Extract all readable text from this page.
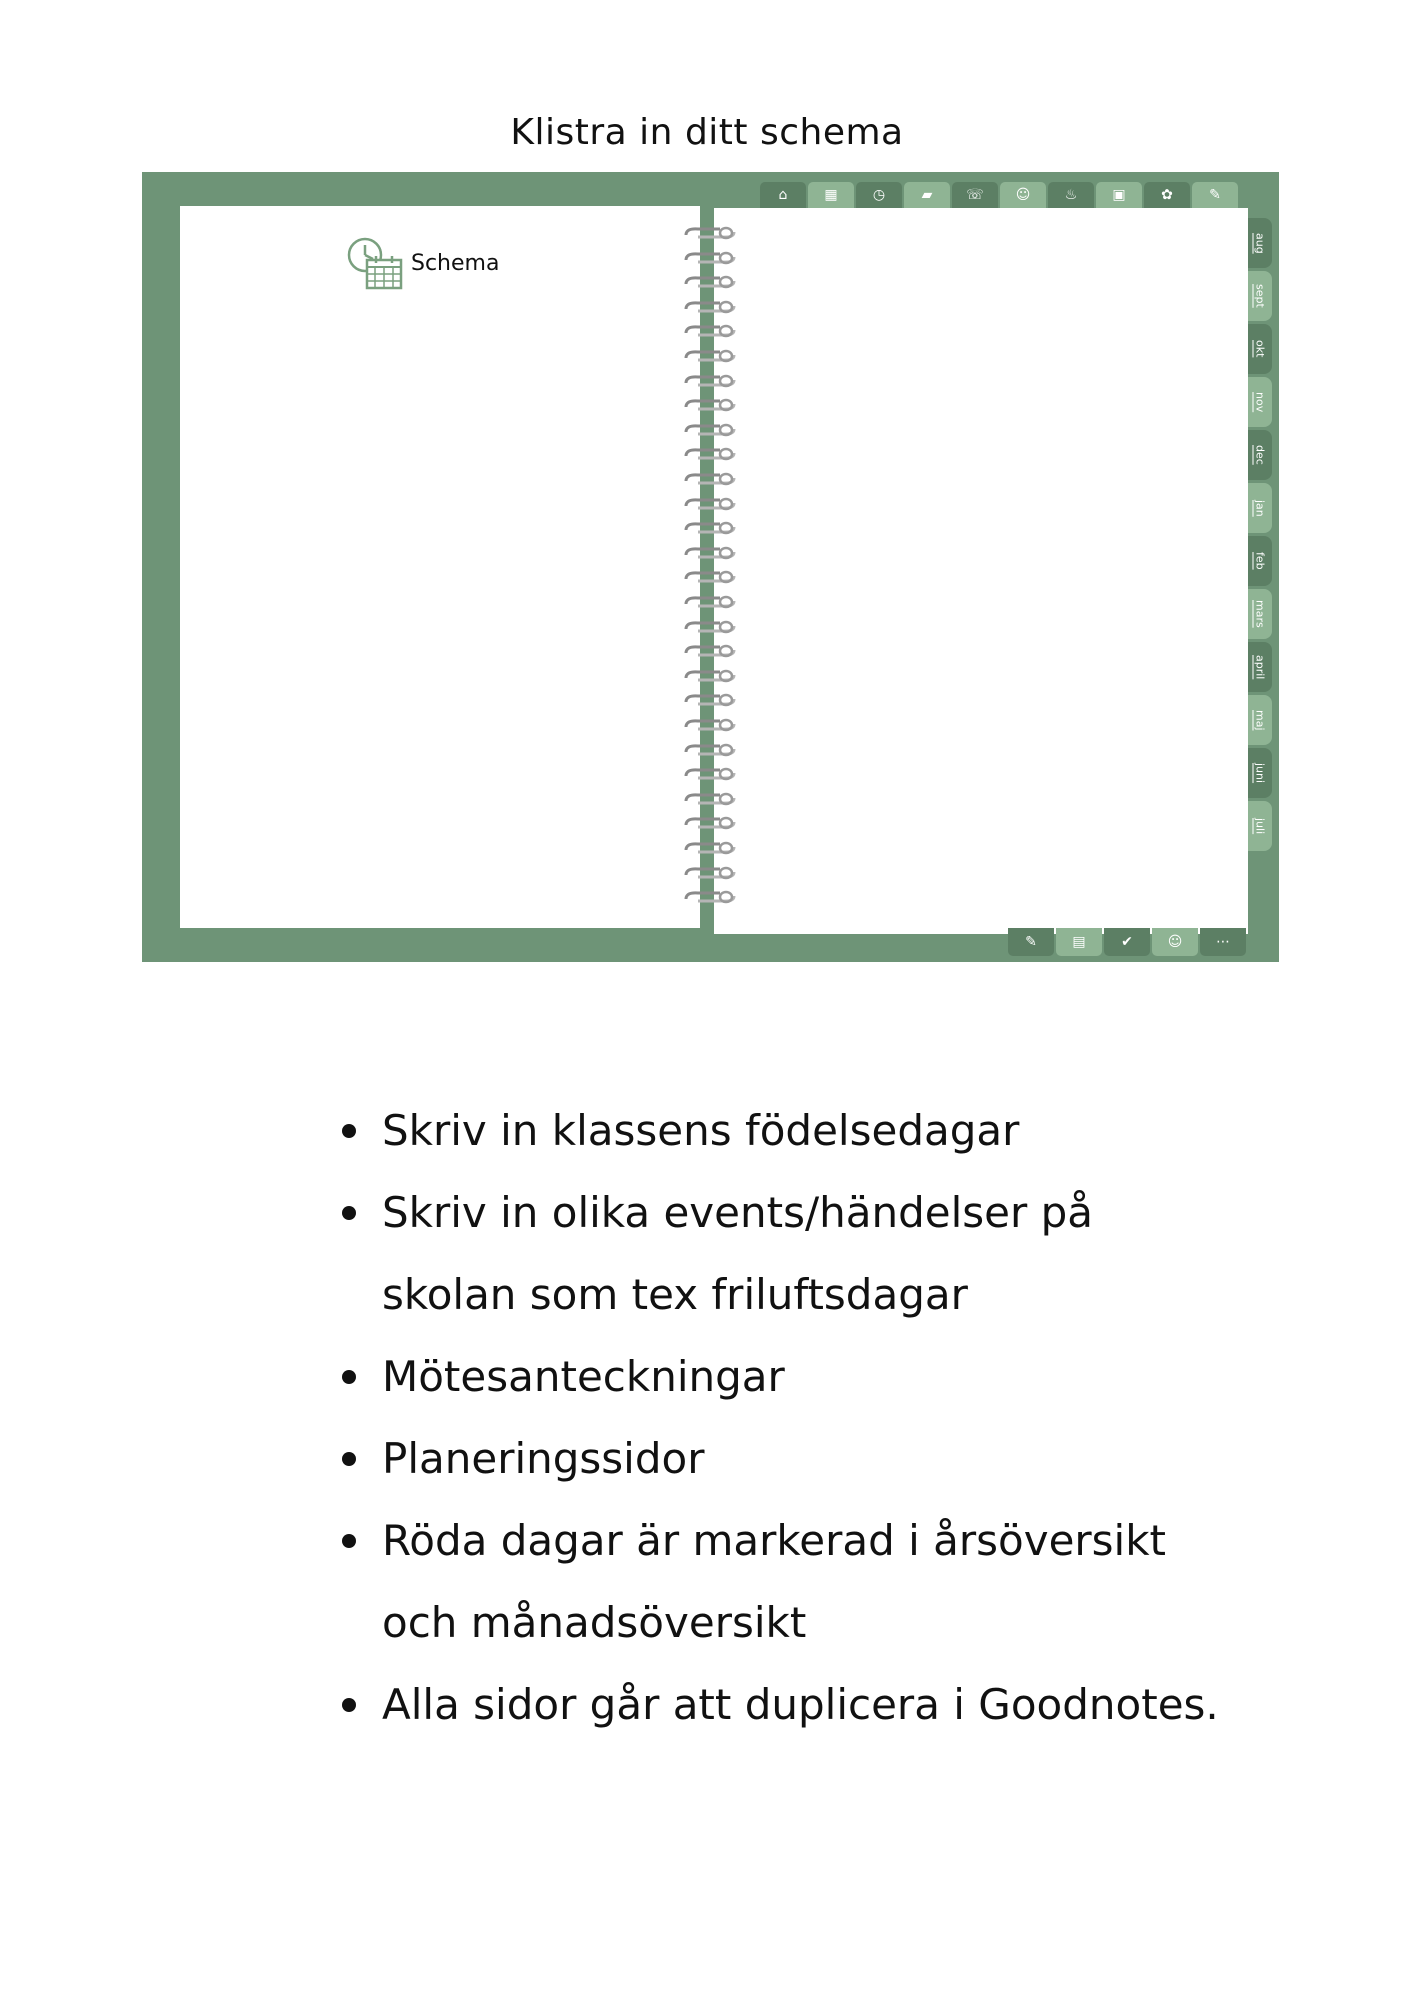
Klistra in ditt schema
⌂	▦	◷	▰ ☏ ☺ ♨	▣	✿	✎
Schema
aug
sept
okt
nov
dec
jan
feb
mars
april
maj
juni
juli
✎	▤	✔ ☺ ⋯
Skriv in klassens födelsedagar
Skriv in olika events/händelser på skolan som tex friluftsdagar
Mötesanteckningar
Planeringssidor
Röda dagar är markerad i årsöversikt och månadsöversikt
Alla sidor går att duplicera i Goodnotes.
